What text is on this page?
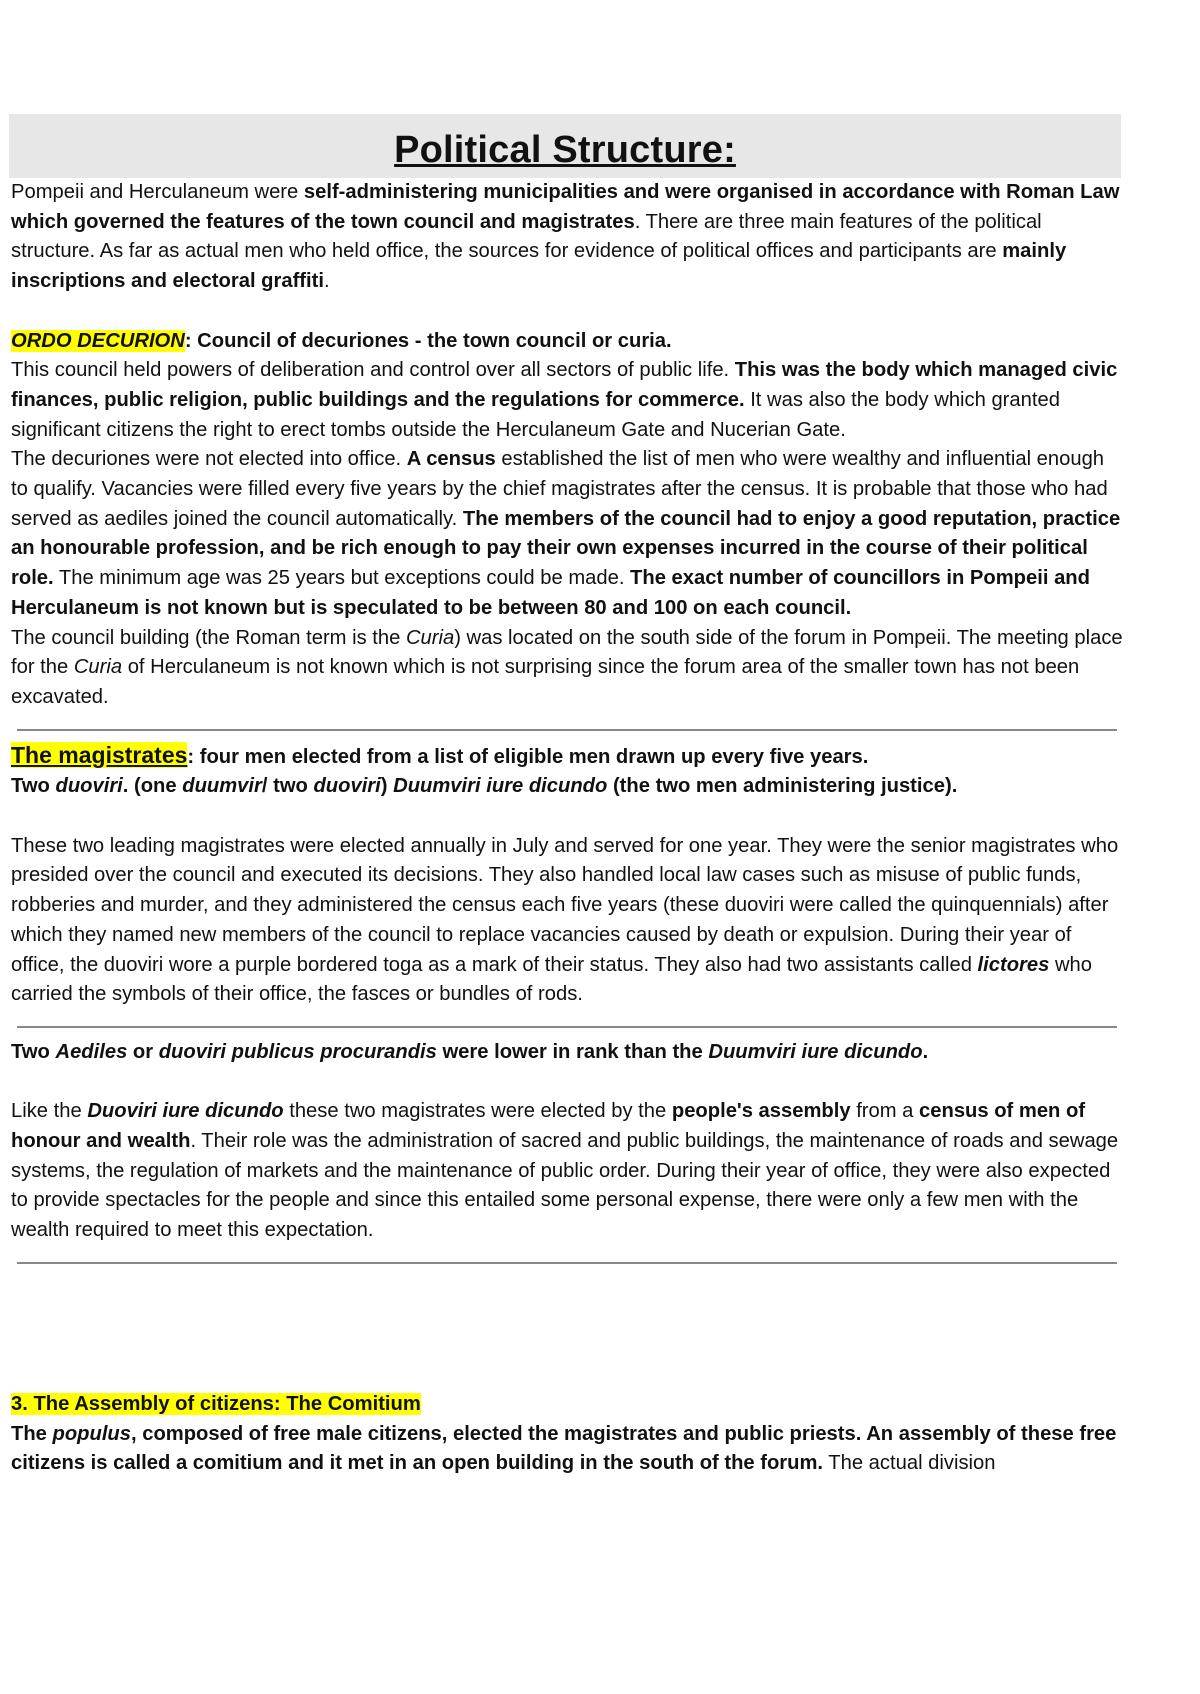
Political Structure:

Pompeii and Herculaneum were self-administering municipalities and were organised in accordance with Roman Law which governed the features of the town council and magistrates. There are three main features of the political structure. As far as actual men who held office, the sources for evidence of political offices and participants are mainly inscriptions and electoral graffiti.

ORDO DECURION: Council of decuriones - the town council or curia.

This council held powers of deliberation and control over all sectors of public life. This was the body which managed civic finances, public religion, public buildings and the regulations for commerce. It was also the body which granted significant citizens the right to erect tombs outside the Herculaneum Gate and Nucerian Gate.

The decuriones were not elected into office. A census established the list of men who were wealthy and influential enough to qualify. Vacancies were filled every five years by the chief magistrates after the census. It is probable that those who had served as aediles joined the council automatically. The members of the council had to enjoy a good reputation, practice an honourable profession, and be rich enough to pay their own expenses incurred in the course of their political role. The minimum age was 25 years but exceptions could be made. The exact number of councillors in Pompeii and Herculaneum is not known but is speculated to be between 80 and 100 on each council.

The council building (the Roman term is the Curia) was located on the south side of the forum in Pompeii. The meeting place for the Curia of Herculaneum is not known which is not surprising since the forum area of the smaller town has not been excavated.

The magistrates: four men elected from a list of eligible men drawn up every five years.

Two duoviri. (one duumvir/ two duoviri) Duumviri iure dicundo (the two men administering justice).

These two leading magistrates were elected annually in July and served for one year. They were the senior magistrates who presided over the council and executed its decisions. They also handled local law cases such as misuse of public funds, robberies and murder, and they administered the census each five years (these duoviri were called the quinquennials) after which they named new members of the council to replace vacancies caused by death or expulsion. During their year of office, the duoviri wore a purple bordered toga as a mark of their status. They also had two assistants called lictores who carried the symbols of their office, the fasces or bundles of rods.

Two Aediles or duoviri publicus procurandis were lower in rank than the Duumviri iure dicundo.

Like the Duoviri iure dicundo these two magistrates were elected by the people's assembly from a census of men of honour and wealth. Their role was the administration of sacred and public buildings, the maintenance of roads and sewage systems, the regulation of markets and the maintenance of public order. During their year of office, they were also expected to provide spectacles for the people and since this entailed some personal expense, there were only a few men with the wealth required to meet this expectation.

3. The Assembly of citizens: The Comitium

The populus, composed of free male citizens, elected the magistrates and public priests. An assembly of these free citizens is called a comitium and it met in an open building in the south of the forum. The actual division
